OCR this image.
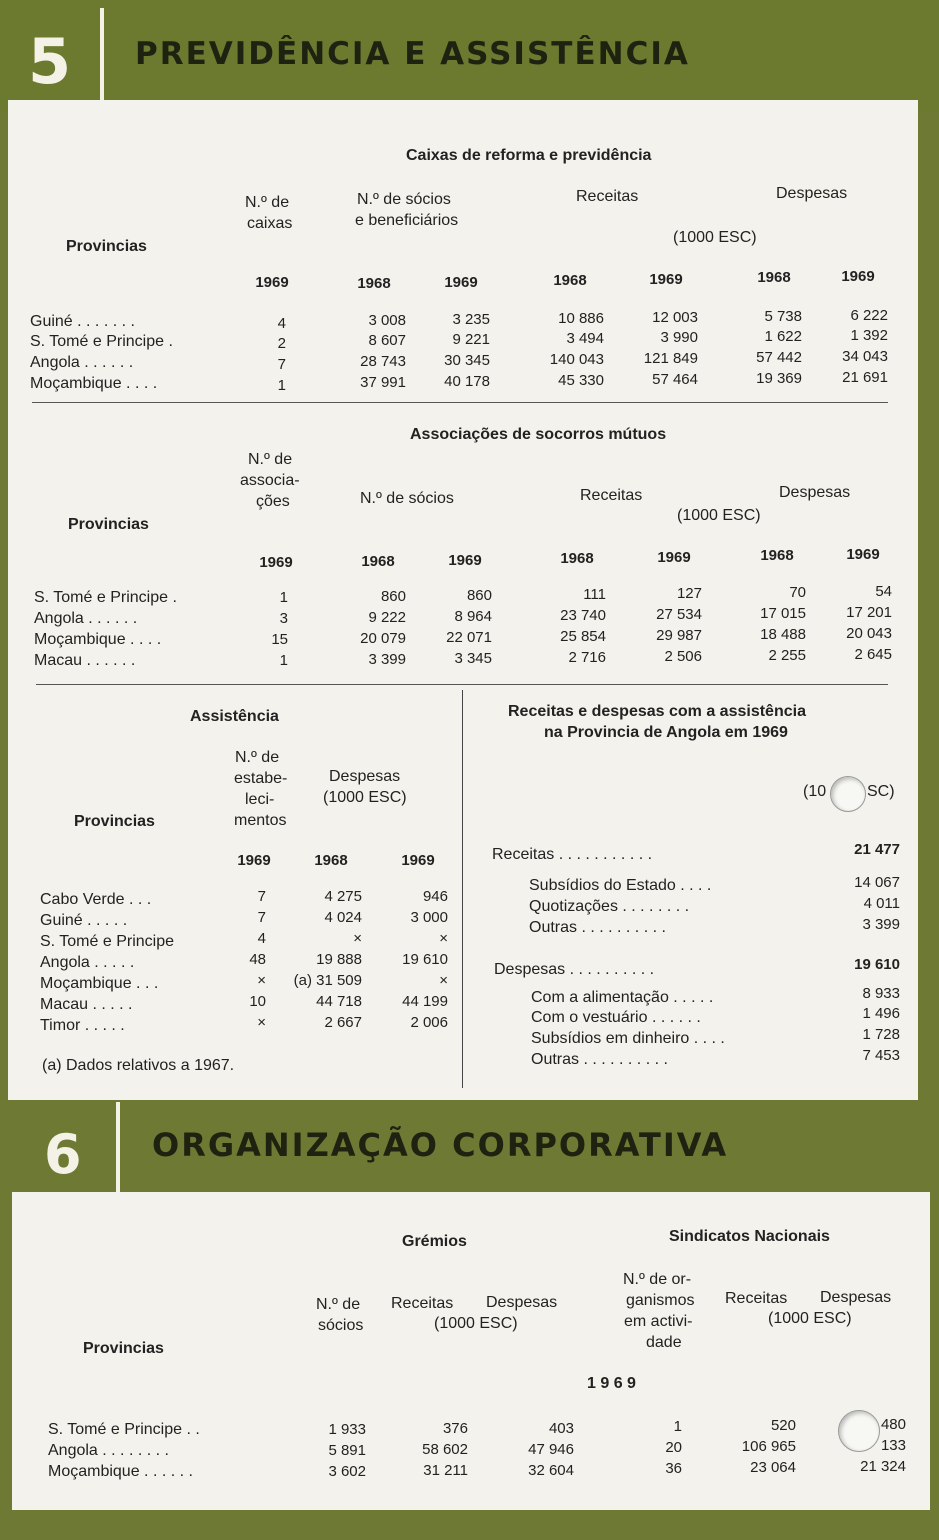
5 PREVIDÊNCIA E ASSISTÊNCIA
Caixas de reforma e previdência
Provincias
N.º de
caixas
N.º de sócios
e beneficiários
Receitas	Despesas
(1000 ESC)
1969	1968	1969	1968	1969	1968	1969
Guiné . . . . . . .	4	3 008	3 235	10 886	12 003	5 738	6 222
S. Tomé e Principe .	2	8 607	9 221	3 494	3 990	1 622	1 392
Angola . . . . . .	7	28 743	30 345	140 043	121 849	57 442	34 043
Moçambique . . . .	1	37 991	40 178	45 330	57 464	19 369	21 691
Associações de socorros mútuos
Provincias
N.º de
associa-
ções	N.º de sócios	Receitas	Despesas
(1000 ESC)
1969	1968	1969	1968	1969	1968	1969
S. Tomé e Principe .	1	860	860	111	127	70	54
Angola . . . . . .	3	9 222	8 964	23 740	27 534	17 015	17 201
Moçambique . . . .	15	20 079	22 071	25 854	29 987	18 488	20 043
Macau . . . . . .	1	3 399	3 345	2 716	2 506	2 255	2 645
Assistência
Provincias
N.º de
estabe-
leci-
mentos
Despesas
(1000 ESC)
1969	1968	1969
Cabo Verde . . .	7	4 275	946
Guiné . . . . .	7	4 024	3 000
S. Tomé e Principe	4	×	×
Angola . . . . .	48	19 888	19 610
Moçambique . . .	×	(a) 31 509	×
Macau . . . . .	10	44 718	44 199
Timor . . . . .	×	2 667	2 006
(a) Dados relativos a 1967.
Receitas e despesas com a assistência
na Provincia de Angola em 1969
(10	SC)
Receitas . . . . . . . . . . .	21 477
Subsídios do Estado . . . .	14 067
Quotizações . . . . . . . .	4 011
Outras . . . . . . . . . .	3 399
Despesas . . . . . . . . . .	19 610
Com a alimentação . . . . .	8 933
Com o vestuário . . . . . .	1 496
Subsídios em dinheiro . . . .	1 728
Outras . . . . . . . . . .	7 453
6 ORGANIZAÇÃO CORPORATIVA
Grémios	Sindicatos Nacionais
Provincias
N.º de
sócios
Receitas Despesas
(1000 ESC)
N.º de or-
ganismos
em activi-
dade
Receitas Despesas
(1000 ESC)
1 9 6 9
S. Tomé e Principe . .	1 933	376	403	1	520	480
Angola . . . . . . . .	5 891	58 602	47 946	20	106 965	133
Moçambique . . . . . .	3 602	31 211	32 604	36	23 064	21 324
